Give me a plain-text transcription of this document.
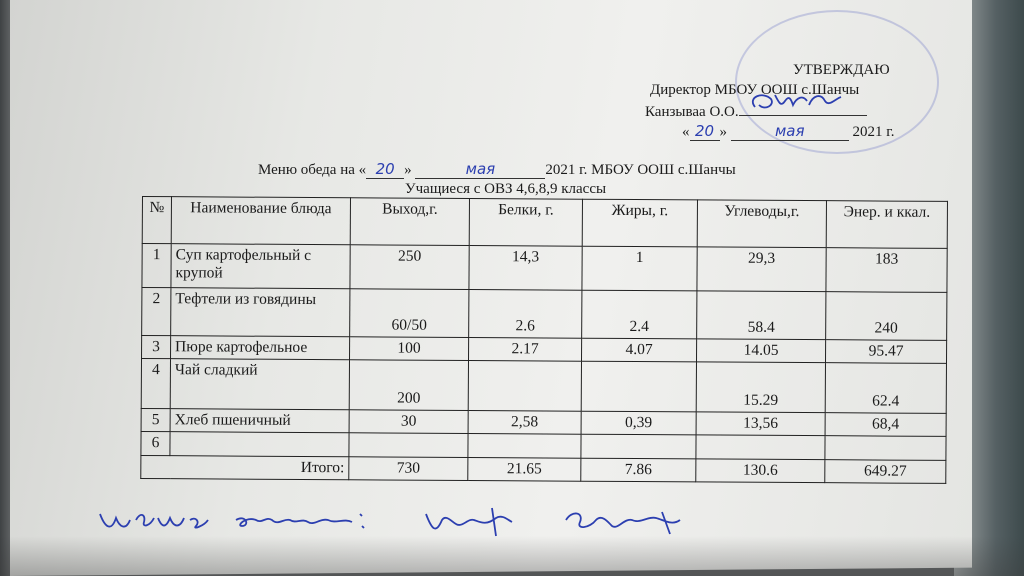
УТВЕРЖДАЮ
Директор МБОУ ООШ с.Шанчы
Канзываа О.О.
« 20 »	мая	2021 г.
Меню обеда на « 20 »	мая	2021 г. МБОУ ООШ с.Шанчы
Учащиеся с ОВЗ 4,6,8,9 классы
№	Наименование блюда	Выход,г.	Белки, г.	Жиры, г.	Углеводы,г.	Энер. и ккал.
1	Суп картофельный с крупой	250	14,3	1	29,3	183
2	Тефтели из говядины	60/50	2.6	2.4	58.4	240
3	Пюре картофельное	100	2.17	4.07	14.05	95.47
4	Чай сладкий	200			15.29	62.4
5	Хлеб пшеничный	30	2,58	0,39	13,56	68,4
6						
Итого:		730	21.65	7.86	130.6	649.27
